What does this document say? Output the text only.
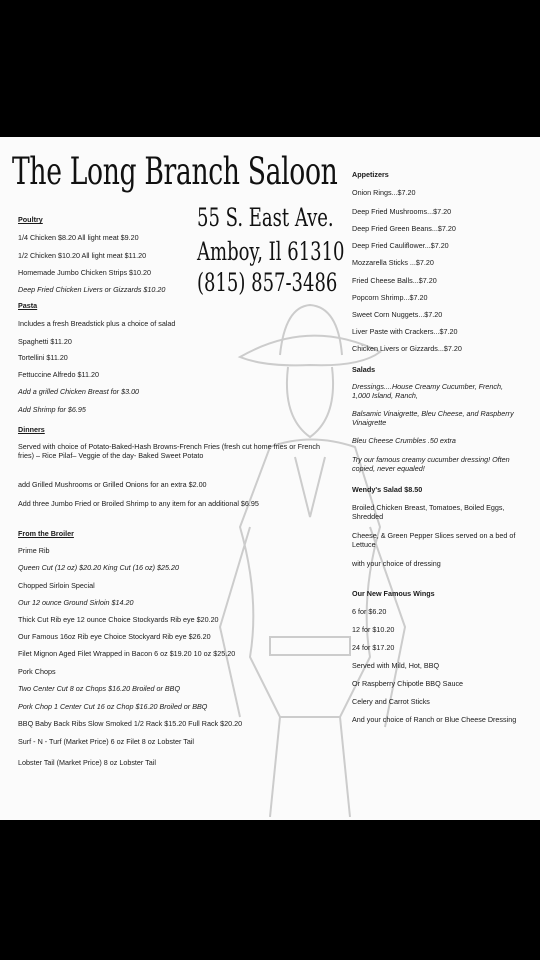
The Long Branch Saloon
55 S. East Ave.
Amboy, Il 61310
(815) 857-3486
Poultry
1/4 Chicken $8.20 All light meat $9.20
1/2 Chicken $10.20 All light meat $11.20
Homemade Jumbo Chicken Strips $10.20
Deep Fried Chicken Livers or Gizzards $10.20
Pasta
Includes a fresh Breadstick plus a choice of salad
Spaghetti $11.20
Tortellini $11.20
Fettuccine Alfredo $11.20
Add a grilled Chicken Breast for $3.00
Add Shrimp for $6.95
Dinners
Served with choice of Potato-Baked-Hash Browns-French Fries (fresh cut home fries or French fries) – Rice Pilaf– Veggie of the day- Baked Sweet Potato
add Grilled Mushrooms or Grilled Onions for an extra $2.00
Add three Jumbo Fried or Broiled Shrimp to any item for an additional $6.95
From the Broiler
Prime Rib
Queen Cut (12 oz) $20.20 King Cut (16 oz) $25.20
Chopped Sirloin Special
Our 12 ounce Ground Sirloin $14.20
Thick Cut Rib eye 12 ounce Choice Stockyards Rib eye $20.20
Our Famous 16oz Rib eye Choice Stockyard Rib eye $26.20
Filet Mignon Aged Filet Wrapped in Bacon 6 oz $19.20 10 oz $25.20
Pork Chops
Two Center Cut 8 oz Chops $16.20 Broiled or BBQ
Pork Chop 1 Center Cut 16 oz Chop $16.20 Broiled or BBQ
BBQ Baby Back Ribs Slow Smoked 1/2 Rack $15.20 Full Rack $20.20
Surf - N - Turf (Market Price) 6 oz Filet 8 oz Lobster Tail
Lobster Tail (Market Price) 8 oz Lobster Tail
Appetizers
Onion Rings...$7.20
Deep Fried Mushrooms...$7.20
Deep Fried Green Beans...$7.20
Deep Fried Cauliflower...$7.20
Mozzarella Sticks ...$7.20
Fried Cheese Balls...$7.20
Popcorn Shrimp...$7.20
Sweet Corn Nuggets...$7.20
Liver Paste with Crackers...$7.20
Chicken Livers or Gizzards...$7.20
Salads
Dressings....House Creamy Cucumber, French, 1,000 Island, Ranch,
Balsamic Vinaigrette, Bleu Cheese, and Raspberry Vinaigrette
Bleu Cheese Crumbles .50 extra
Try our famous creamy cucumber dressing! Often copied, never equaled!
Wendy's Salad $8.50
Broiled Chicken Breast, Tomatoes, Boiled Eggs, Shredded
Cheese, & Green Pepper Slices served on a bed of Lettuce
with your choice of dressing
Our New Famous Wings
6 for $6.20
12 for $10.20
24 for $17.20
Served with Mild, Hot, BBQ
Or Raspberry Chipotle BBQ Sauce
Celery and Carrot Sticks
And your choice of Ranch or Blue Cheese Dressing
